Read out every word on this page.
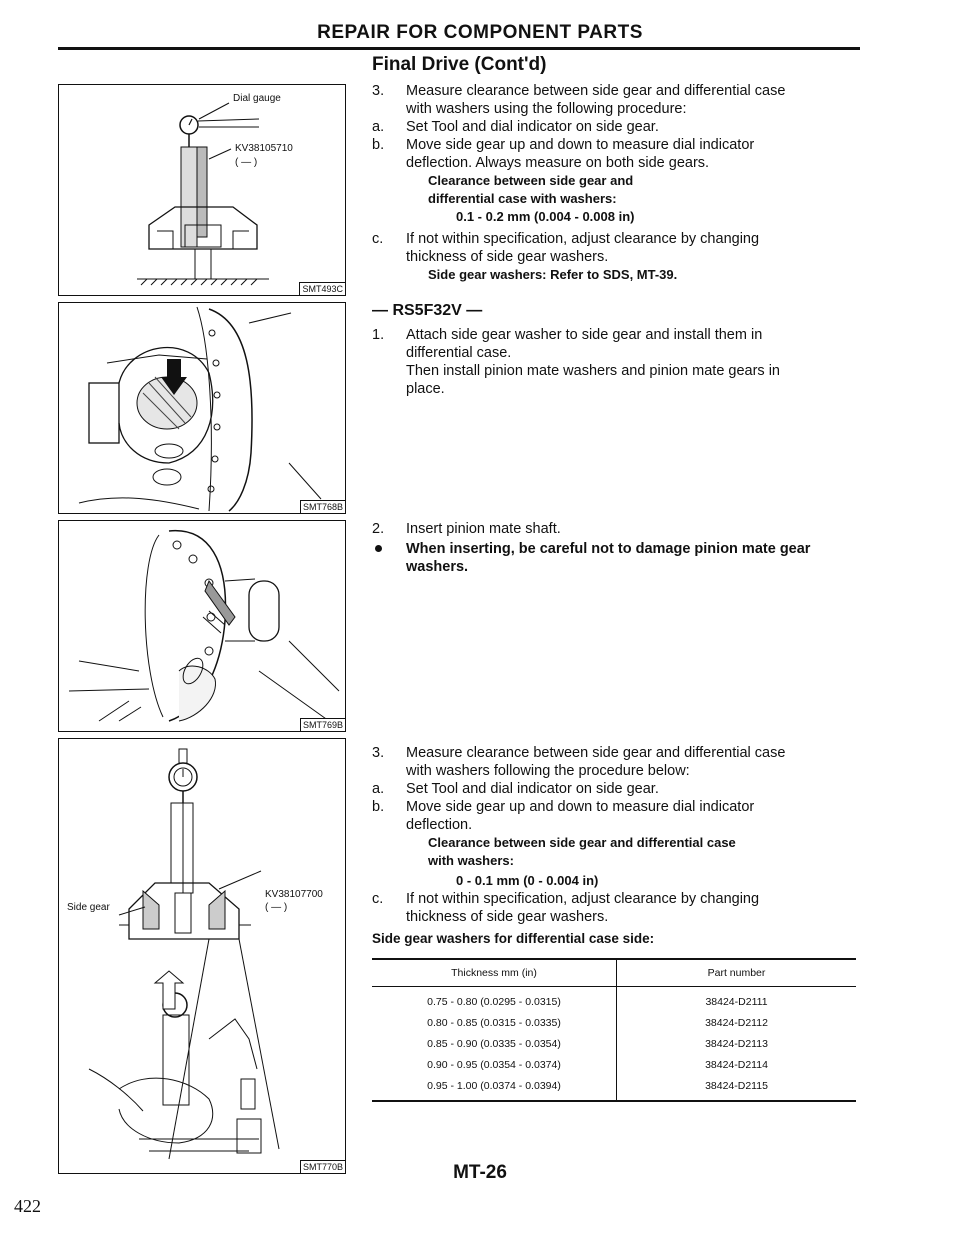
REPAIR FOR COMPONENT PARTS
Final Drive (Cont'd)
Dial gauge
KV38105710
( — )
SMT493C
SMT768B
SMT769B
Side gear
KV38107700
( — )
SMT770B
3. Measure clearance between side gear and differential case
with washers using the following procedure:
a. Set Tool and dial indicator on side gear.
b. Move side gear up and down to measure dial indicator
deflection. Always measure on both side gears.
Clearance between side gear and
differential case with washers:
0.1 - 0.2 mm (0.004 - 0.008 in)
c. If not within specification, adjust clearance by changing
thickness of side gear washers.
Side gear washers: Refer to SDS, MT-39.
— RS5F32V —
1. Attach side gear washer to side gear and install them in
differential case.
Then install pinion mate washers and pinion mate gears in
place.
2. Insert pinion mate shaft.
When inserting, be careful not to damage pinion mate gear
washers.
3. Measure clearance between side gear and differential case
with washers following the procedure below:
a. Set Tool and dial indicator on side gear.
b. Move side gear up and down to measure dial indicator
deflection.
Clearance between side gear and differential case
with washers:
0 - 0.1 mm (0 - 0.004 in)
c. If not within specification, adjust clearance by changing
thickness of side gear washers.
Side gear washers for differential case side:
Thickness mm (in)	Part number
0.75 - 0.80 (0.0295 - 0.0315)	38424-D2111
0.80 - 0.85 (0.0315 - 0.0335)	38424-D2112
0.85 - 0.90 (0.0335 - 0.0354)	38424-D2113
0.90 - 0.95 (0.0354 - 0.0374)	38424-D2114
0.95 - 1.00 (0.0374 - 0.0394)	38424-D2115
MT-26
422
